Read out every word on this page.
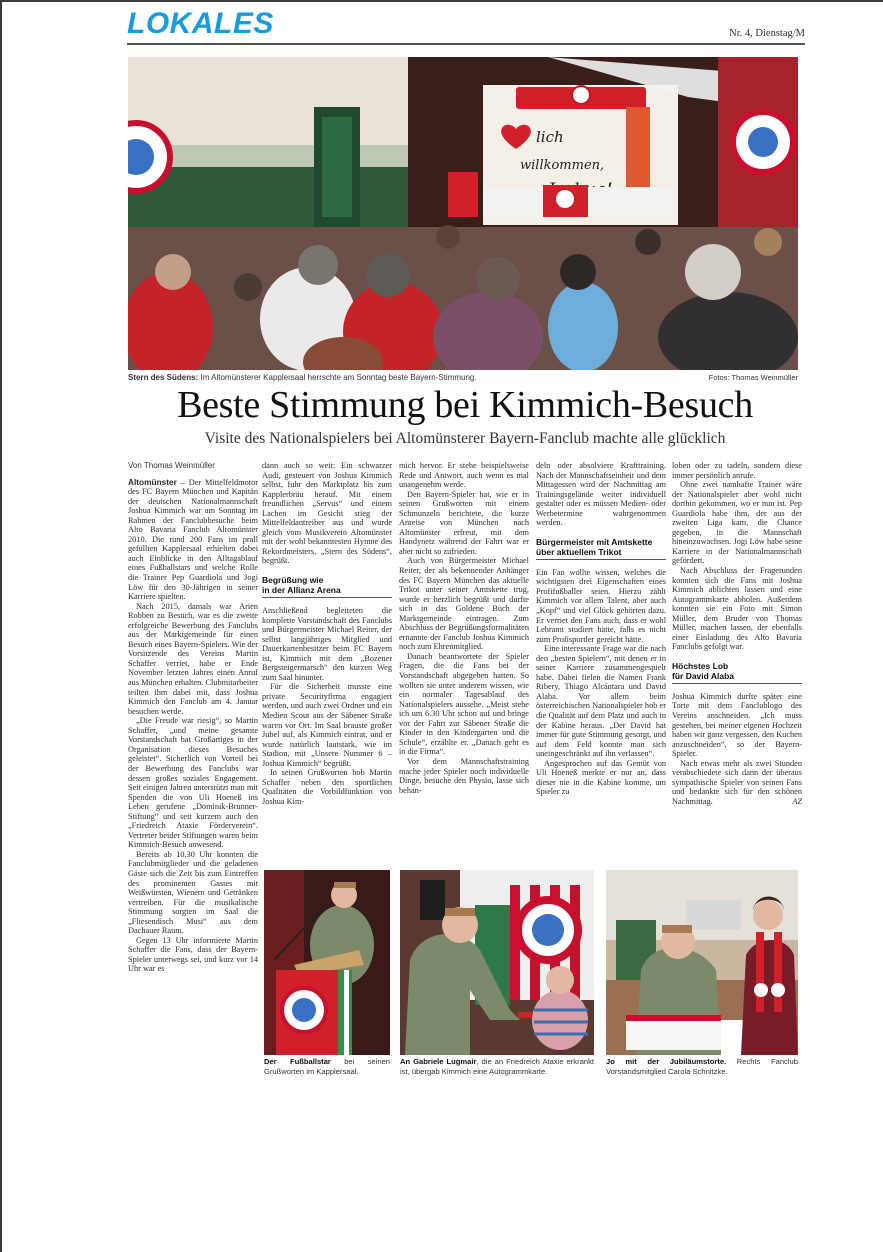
LOKALES	Nr. 4, Dienstag/M
lich
willkommen,
Stern des Südens: Im Altomünsterer Kapplersaal herrschte am Sonntag beste Bayern-Stimmung.	Fotos: Thomas Weinmüller
Beste Stimmung bei Kimmich-Besuch
Visite des Nationalspielers bei Altomünsterer Bayern-Fanclub machte alle glücklich

Von Thomas Weinmüller

Altomünster – Der Mittelfeldmotor des FC Bayern München und Kapitän der deutschen Nationalmannschaft Joshua Kimmich war am Sonntag im Rahmen der Fanclubbesuche beim Alto Bavaria Fanclub Altomünster 2010. Die rund 200 Fans im prall gefüllten Kapplersaal erhielten dabei auch Einblicke in den Alltagablauf eines Fußballstars und welche Rolle die Trainer Pep Guardiola und Jogi Löw für den 30-Jährigen in seiner Karriere spielten.

Nach 2015, damals war Arien Robben zu Besuch, war es die zweite erfolgreiche Bewerbung des Fanclubs aus der Marktgemeinde für einen Besuch eines Bayern-Spielers. Wie der Vorsitzende des Vereins Martin Schaffer verriet, habe er Ende November letzten Jahres einen Anruf aus München erhalten. Clubmitarbeiter teilten ihm dabei mit, dass Joshua Kimmich den Fanclub am 4. Januar besuchen werde.

„Die Freude war riesig“, so Martin Schaffer, „und meine gesamte Vorstandschaft hat Großartiges in der Organisation dieses Besuches geleistet“. Sicherlich von Vorteil bei der Bewerbung des Fanclubs war dessen großes soziales Engagement. Seit einigen Jahren unterstützt man mit Spenden die von Uli Hoeneß ins Leben gerufene „Dominik-Brunner-Stiftung“ und seit kurzem auch den „Friedreich Ataxie Förderverein“. Vertreter beider Stiftungen waren beim Kimmich-Besuch anwesend.

Bereits ab 10.30 Uhr konnten die Fanclubmitglieder und die geladenen Gäste sich die Zeit bis zum Eintreffen des prominenten Gastes mit Weißwürsten, Wienern und Getränken vertreiben. Für die musikalische Stimmung sorgten im Saal die „Fliesendisch Musi“ aus dem Dachauer Raum.

Gegen 13 Uhr informierte Martin Schaffer die Fans, dass der Bayern-Spieler unterwegs sei, und kurz vor 14 Uhr war es

dann auch so weit: Ein schwarzer Audi, gesteuert von Joshua Kimmich selbst, fuhr den Marktplatz bis zum Kapplerbräu herauf. Mit einem freundlichen „Servus“ und einem Lachen im Gesicht stieg der Mittelfeldantreiber aus und wurde gleich vom Musikverein Altomünster mit der wohl bekanntesten Hymne des Rekordmeisters, „Stern des Südens“, begrüßt.

Begrüßung wie
in der Allianz Arena

Anschließend begleiteten die komplette Vorstandschaft des Fanclubs und Bürgermeister Michael Reiter, der selbst langjähriges Mitglied und Dauerkartenbesitzer beim FC Bayern ist, Kimmich mit dem „Bozener Bergsteigermarsch“ den kurzen Weg zum Saal hinunter.

Für die Sicherheit musste eine private Securityfirma engagiert werden, und auch zwei Ordner und ein Medien Scout aus der Säbener Straße waren vor Ort. Im Saal brauste großer Jubel auf, als Kimmich eintrat, und er wurde natürlich lautstark, wie im Stadion, mit „Unsere Nummer 6 – Joshua Kimmich“ begrüßt.

In seinen Grußworten hob Martin Schaffer neben den sportlichen Qualitäten die Vorbildfunktion von Joshua Kim-

mich hervor. Er stehe beispielsweise Rede und Antwort, auch wenn es mal unangenehm werde.

Den Bayern-Spieler hat, wie er in seinen Grußworten mit einem Schmunzeln berichtete, die kurze Anreise von München nach Altomünster erfreut, mit dem Handynetz während der Fahrt war er aber nicht so zufrieden.

Auch von Bürgermeister Michael Reiter, der als bekennender Anhänger des FC Bayern München das aktuelle Trikot unter seiner Amtskette trug, wurde er herzlich begrüßt und durfte sich in das Goldene Buch der Marktgemeinde eintragen. Zum Abschluss der Begrüßungsformalitäten ernannte der Fanclub Joshua Kimmich noch zum Ehrenmitglied.

Danach beantwortete der Spieler Fragen, die die Fans bei der Vorstandschaft abgegeben hatten. So wollten sie unter anderem wissen, wie ein normaler Tagesablauf des Nationalspielers aussehe. „Meist stehe ich um 6.30 Uhr schon auf und bringe vor der Fahrt zur Säbener Straße die Kinder in den Kindergarten und die Schule“, erzählte er. „Danach geht es in die Firma“.

Vor dem Mannschaftstraining mache jeder Spieler noch individuelle Dinge, besuche den Physio, lasse sich behan-

deln oder absolviere Krafttraining. Nach der Mannschaftseinheit und dem Mittagessen wird der Nachmittag am Trainingsgelände weiter individuell gestaltet oder es müssen Medien- oder Werbetermine wahrgenommen werden.

Bürgermeister mit Amtskette
über aktuellem Trikot

Ein Fan wollte wissen, welches die wichtigsten drei Eigenschaften eines Profifußballer seien. Hierzu zählt Kimmich vor allem Talent, aber auch „Kopf“ und viel Glück gehörten dazu. Er verriet den Fans auch, dass er wohl Lehramt studiert hätte, falls es nicht zum Profisportler gereicht hätte.

Eine interessante Frage war die nach den „besten Spielern“, mit denen er in seiner Karriere zusammengespielt habe. Dabei fielen die Namen Frank Ribery, Thiago Alcántara und David Alaba. Vor allem beim österreichischen Nationalspieler hob er die Qualität auf dem Platz und auch in der Kabine heraus. „Der David hat immer für gute Stimmung gesorgt, und auf dem Feld konnte man sich uneingeschränkt auf ihn verlassen“.

Angesprochen auf das Gemüt von Uli Hoeneß merkte er nur an, dass dieser nie in die Kabine komme, um Spieler zu

loben oder zu tadeln, sondern diese immer persönlich anrufe.

Ohne zwei namhafte Trainer wäre der Nationalspieler aber wohl nicht dorthin gekommen, wo er nun ist. Pep Guardiola habe ihm, der aus der zweiten Liga kam, die Chance gegeben, in die Mannschaft hineinzuwachsen. Jogi Löw habe seine Karriere in der Nationalmannschaft gefördert.

Nach Abschluss der Fragerunden konnten sich die Fans mit Joshua Kimmich ablichten lassen und eine Autogrammkarte abholen. Außerdem konnten sie ein Foto mit Simon Müller, dem Bruder von Thomas Müller, machen lassen, der ebenfalls einer Einladung des Alto Bavaria Fanclubs gefolgt war.

Höchstes Lob
für David Alaba

Joshua Kimmich durfte später eine Torte mit dem Fanclublogo des Vereins anschneiden. „Ich muss gestehen, bei meiner eigenen Hochzeit haben wir ganz vergessen, den Kuchen anzuschneiden“, so der Bayern-Spieler.

Nach etwas mehr als zwei Stunden verabschiedete sich dann der überaus sympathische Spieler von seinen Fans und bedankte sich für den schönen Nachmittag.	AZ

Der Fußballstar bei seinen Grußworten im Kapplersaal.
An Gabriele Lugmair, die an Friedreich Ataxie erkrankt ist, übergab Kimmich eine Autogrammkarte.
Jo mit der Jubiläumstorte. Rechts Fanclub Vorstandsmitglied Carola Schnitzke.
